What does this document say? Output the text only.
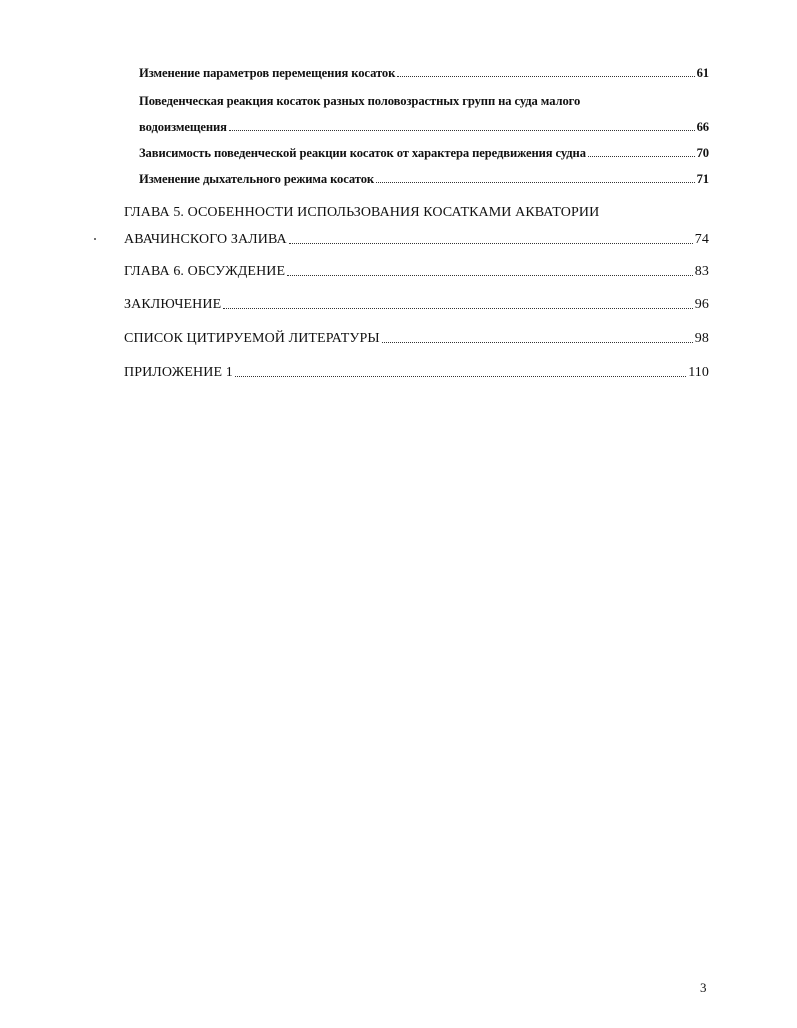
Изменение параметров перемещения косаток	61
Поведенческая реакция косаток разных половозрастных групп на суда малого
водоизмещения	66
Зависимость поведенческой реакции косаток от характера передвижения судна	70
Изменение дыхательного режима косаток	71
ГЛАВА 5. ОСОБЕННОСТИ ИСПОЛЬЗОВАНИЯ КОСАТКАМИ АКВАТОРИИ
АВАЧИНСКОГО ЗАЛИВА	74
ГЛАВА 6. ОБСУЖДЕНИЕ	83
ЗАКЛЮЧЕНИЕ	96
СПИСОК ЦИТИРУЕМОЙ ЛИТЕРАТУРЫ	98
ПРИЛОЖЕНИЕ 1	110
3
